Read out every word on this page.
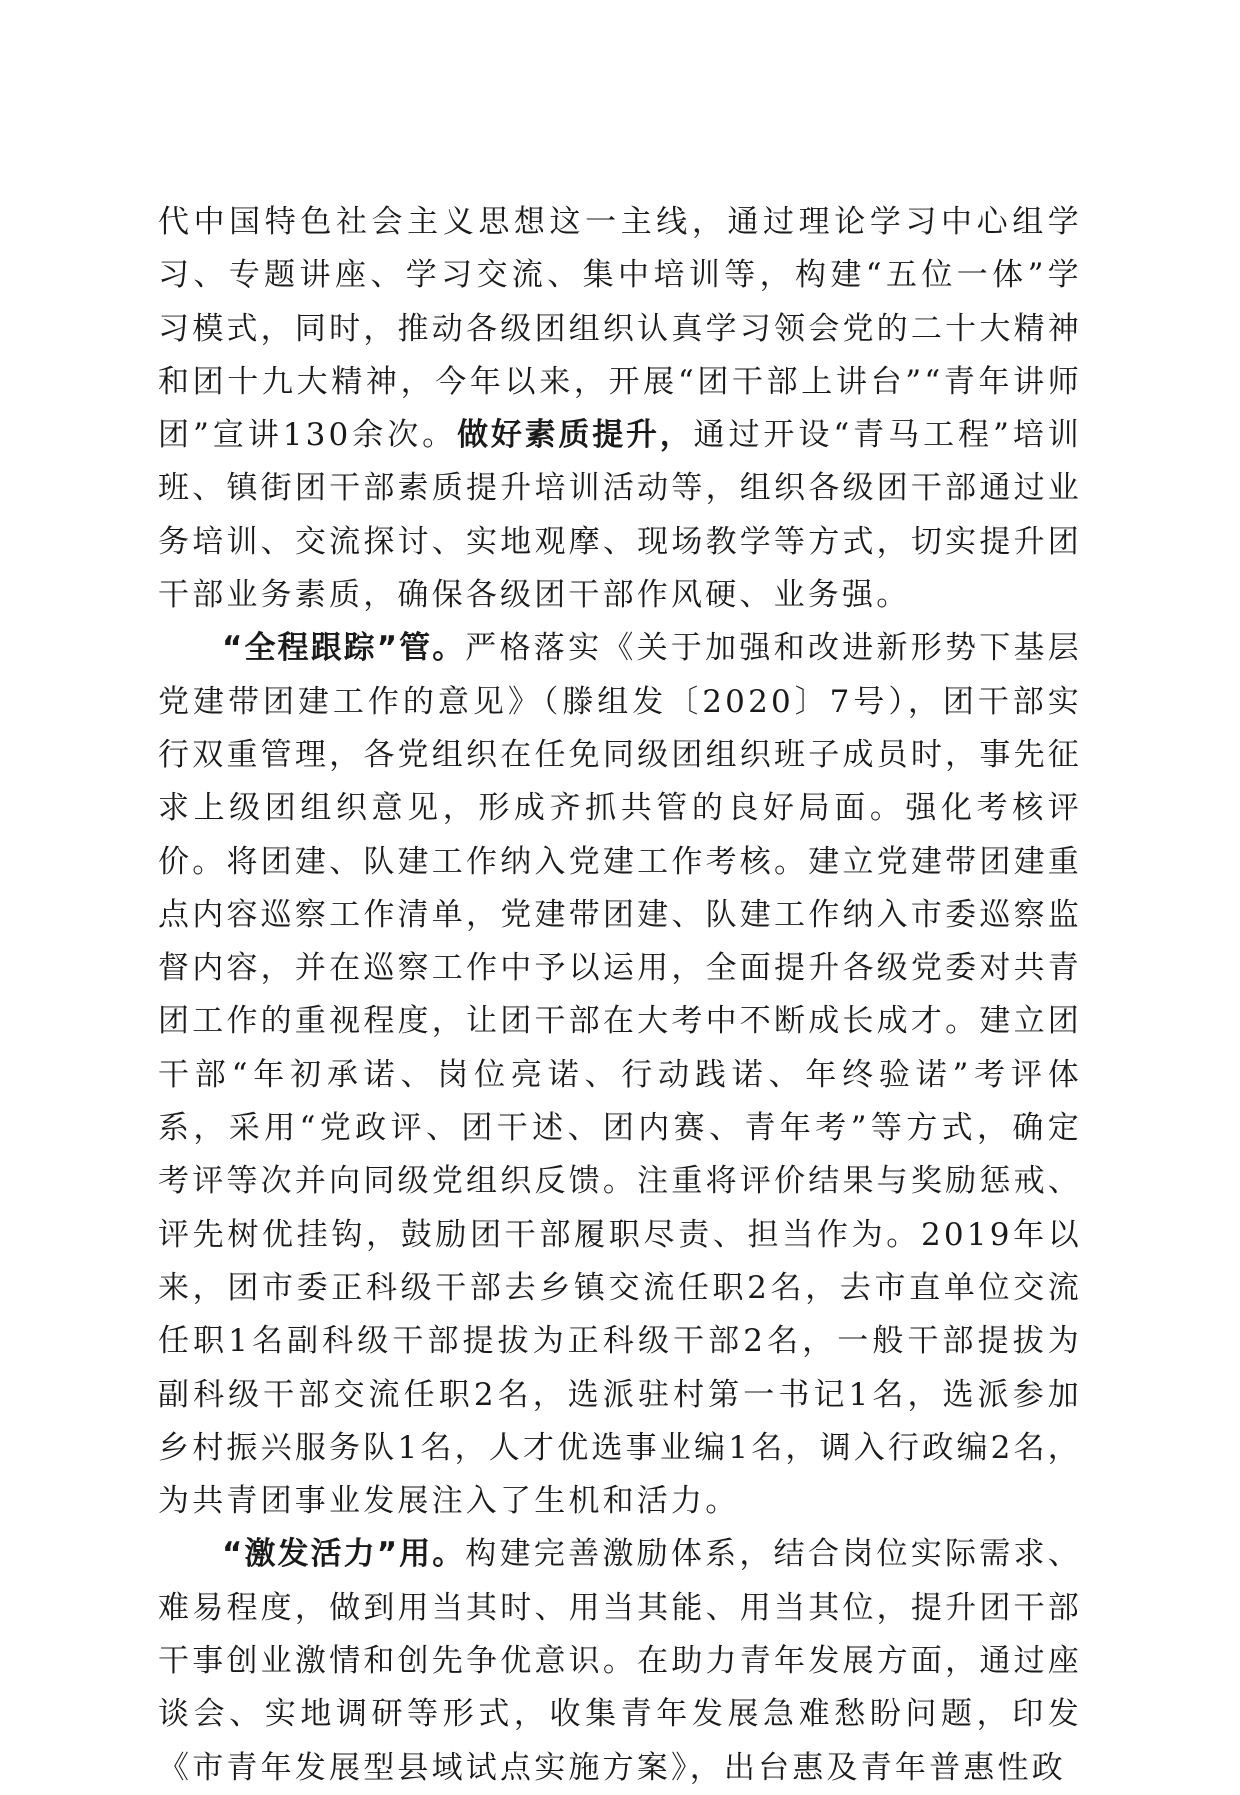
代中国特色社会主义思想这一主线，通过理论学习中心组学习、专题讲座、学习交流、集中培训等，构建“五位一体”学习模式，同时，推动各级团组织认真学习领会党的二十大精神和团十九大精神，今年以来，开展“团干部上讲台”“青年讲师团”宣讲130余次。做好素质提升，通过开设“青马工程”培训班、镇街团干部素质提升培训活动等，组织各级团干部通过业务培训、交流探讨、实地观摩、现场教学等方式，切实提升团干部业务素质，确保各级团干部作风硬、业务强。

“全程跟踪”管。严格落实《关于加强和改进新形势下基层党建带团建工作的意见》（滕组发〔2020〕7号），团干部实行双重管理，各党组织在任免同级团组织班子成员时，事先征求上级团组织意见，形成齐抓共管的良好局面。强化考核评价。将团建、队建工作纳入党建工作考核。建立党建带团建重点内容巡察工作清单，党建带团建、队建工作纳入市委巡察监督内容，并在巡察工作中予以运用，全面提升各级党委对共青团工作的重视程度，让团干部在大考中不断成长成才。建立团干部“年初承诺、岗位亮诺、行动践诺、年终验诺”考评体系，采用“党政评、团干述、团内赛、青年考”等方式，确定考评等次并向同级党组织反馈。注重将评价结果与奖励惩戒、评先树优挂钩，鼓励团干部履职尽责、担当作为。2019年以来，团市委正科级干部去乡镇交流任职2名，去市直单位交流任职1名副科级干部提拔为正科级干部2名，一般干部提拔为副科级干部交流任职2名，选派驻村第一书记1名，选派参加乡村振兴服务队1名，人才优选事业编1名，调入行政编2名，为共青团事业发展注入了生机和活力。

“激发活力”用。构建完善激励体系，结合岗位实际需求、难易程度，做到用当其时、用当其能、用当其位，提升团干部干事创业激情和创先争优意识。在助力青年发展方面，通过座谈会、实地调研等形式，收集青年发展急难愁盼问题，印发《市青年发展型县域试点实施方案》，出台惠及青年普惠性政
